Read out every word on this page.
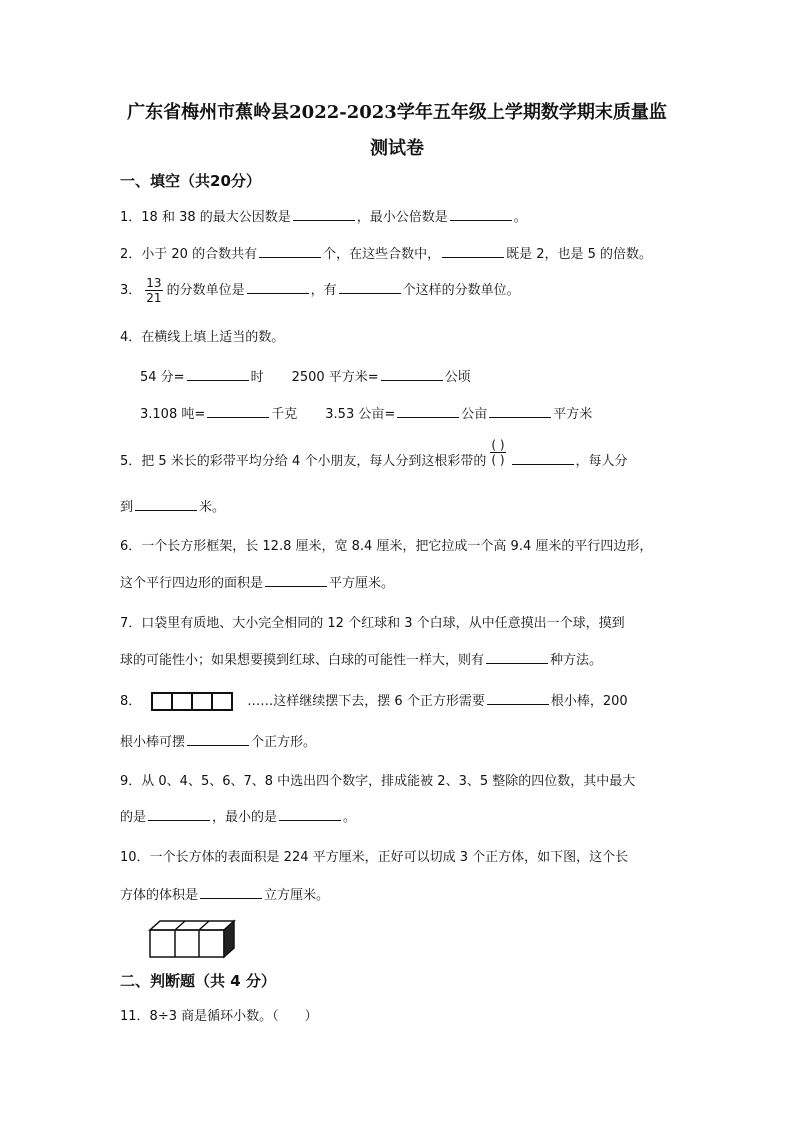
广东省梅州市蕉岭县2022-2023学年五年级上学期数学期末质量监
测试卷
一、填空（共20分）
1．18 和 38 的最大公因数是	，最小公倍数是	。
2．小于 20 的合数共有	个，在这些合数中，	既是 2，也是 5 的倍数。
3． $\frac{13}{21}$ 的分数单位是	，有	个这样的分数单位。
4．在横线上填上适当的数。
54 分=	时 2500 平方米=	公顷
3.108 吨=	千克 3.53 公亩=	公亩	平方米
5．把 5 米长的彩带平均分给 4 个小朋友，每人分到这根彩带的 $\frac{( )}{( )}$	，每人分
到	米。
6．一个长方形框架，长 12.8 厘米，宽 8.4 厘米，把它拉成一个高 9.4 厘米的平行四边形，
这个平行四边形的面积是	平方厘米。
7．口袋里有质地、大小完全相同的 12 个红球和 3 个白球，从中任意摸出一个球，摸到
球的可能性小；如果想要摸到红球、白球的可能性一样大，则有	种方法。
8．	……这样继续摆下去，摆 6 个正方形需要	根小棒，200
根小棒可摆	个正方形。
9．从 0、4、5、6、7、8 中选出四个数字，排成能被 2、3、5 整除的四位数，其中最大
的是	，最小的是	。
10．一个长方体的表面积是 224 平方厘米，正好可以切成 3 个正方体，如下图，这个长
方体的体积是	立方厘米。
二、判断题（共 4 分）
11．8÷3 商是循环小数。（　　）
